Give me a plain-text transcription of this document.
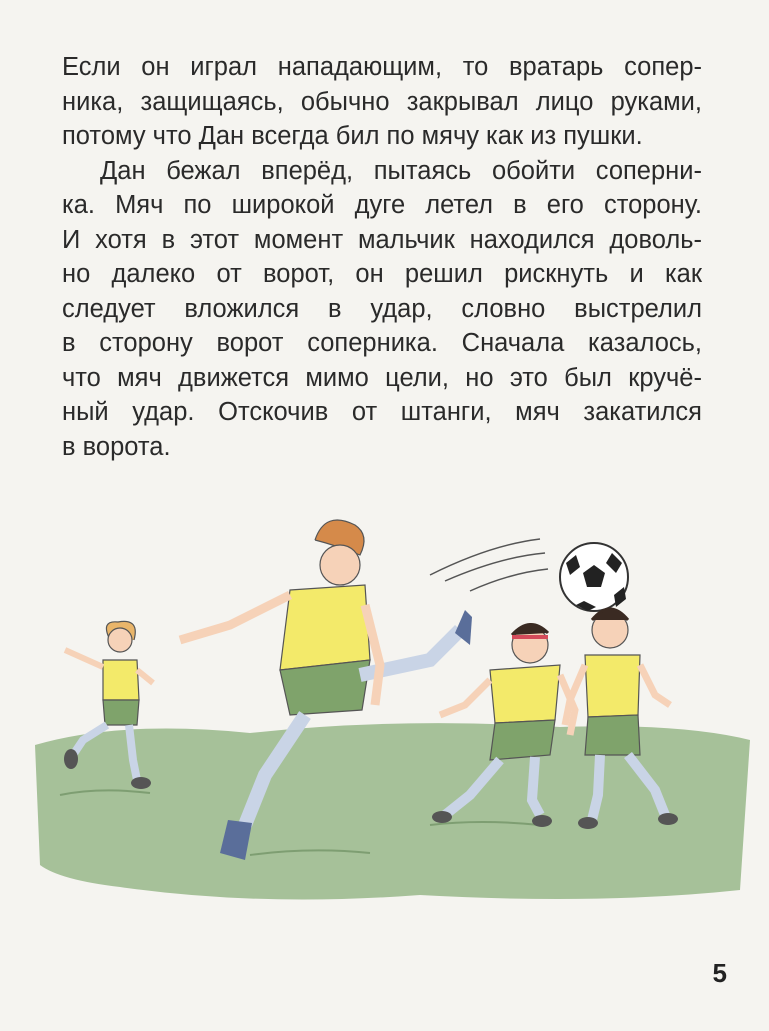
Если он играл нападающим, то вратарь сопер-
ника, защищаясь, обычно закрывал лицо руками,
потому что Дан всегда бил по мячу как из пушки.
Дан бежал вперёд, пытаясь обойти соперни-
ка. Мяч по широкой дуге летел в его сторону.
И хотя в этот момент мальчик находился доволь-
но далеко от ворот, он решил рискнуть и как
следует вложился в удар, словно выстрелил
в сторону ворот соперника. Сначала казалось,
что мяч движется мимо цели, но это был кручё-
ный удар. Отскочив от штанги, мяч закатился
в ворота.
5
